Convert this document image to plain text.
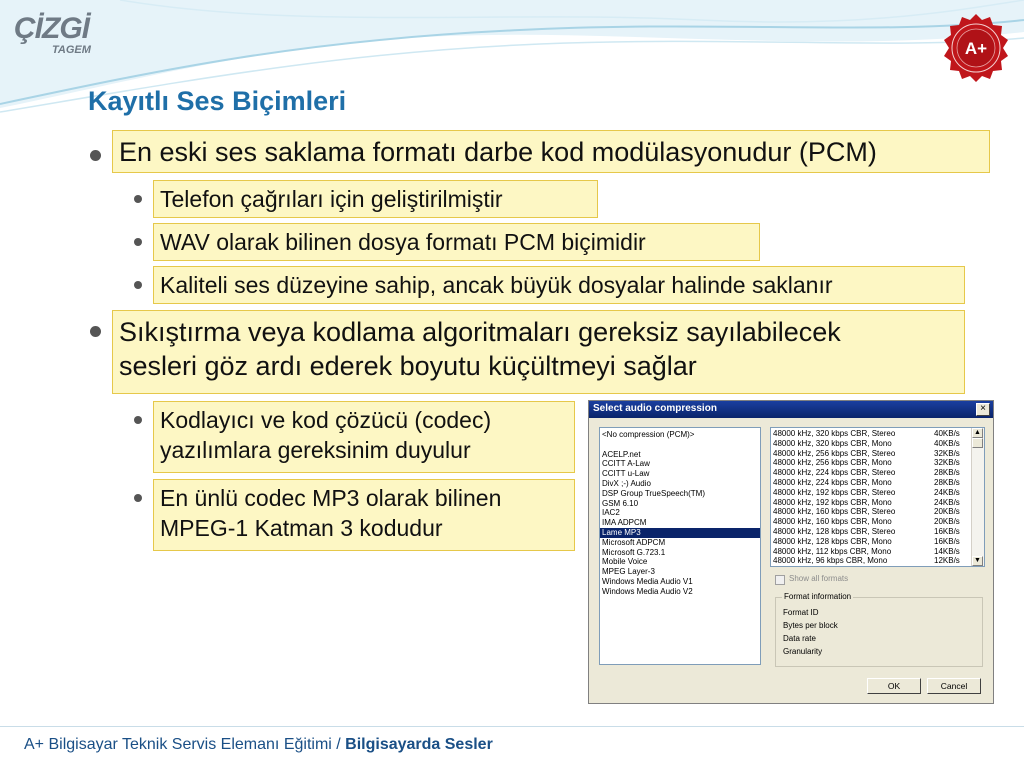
ÇİZGİ
TAGEM	A+
Kayıtlı Ses Biçimleri
En eski ses saklama formatı darbe kod modülasyonudur (PCM)
Telefon çağrıları için geliştirilmiştir
WAV olarak bilinen dosya formatı PCM biçimidir
Kaliteli ses düzeyine sahip, ancak büyük dosyalar halinde saklanır
Sıkıştırma veya kodlama algoritmaları gereksiz sayılabilecek
sesleri göz ardı ederek boyutu küçültmeyi sağlar
Kodlayıcı ve kod çözücü (codec)
yazılımlara gereksinim duyulur
En ünlü codec MP3 olarak bilinen
MPEG-1 Katman 3 kodudur
Select audio compression	×
<No compression (PCM)>
ACELP.net
CCITT A-Law
CCITT u-Law
DivX ;-) Audio
DSP Group TrueSpeech(TM)
GSM 6.10
IAC2
IMA ADPCM
Lame MP3
Microsoft ADPCM
Microsoft G.723.1
Mobile Voice
MPEG Layer-3
Windows Media Audio V1
Windows Media Audio V2
48000 kHz, 320 kbps CBR, Stereo	40KB/s
48000 kHz, 320 kbps CBR, Mono	40KB/s
48000 kHz, 256 kbps CBR, Stereo	32KB/s
48000 kHz, 256 kbps CBR, Mono	32KB/s
48000 kHz, 224 kbps CBR, Stereo	28KB/s
48000 kHz, 224 kbps CBR, Mono	28KB/s
48000 kHz, 192 kbps CBR, Stereo	24KB/s
48000 kHz, 192 kbps CBR, Mono	24KB/s
48000 kHz, 160 kbps CBR, Stereo	20KB/s
48000 kHz, 160 kbps CBR, Mono	20KB/s
48000 kHz, 128 kbps CBR, Stereo	16KB/s
48000 kHz, 128 kbps CBR, Mono	16KB/s
48000 kHz, 112 kbps CBR, Mono	14KB/s
48000 kHz, 96 kbps CBR, Mono	12KB/s
▲
▼
Show all formats
Format information
Format ID
Bytes per block
Data rate
Granularity
OK	Cancel
A+ Bilgisayar Teknik Servis Elemanı Eğitimi / Bilgisayarda Sesler
